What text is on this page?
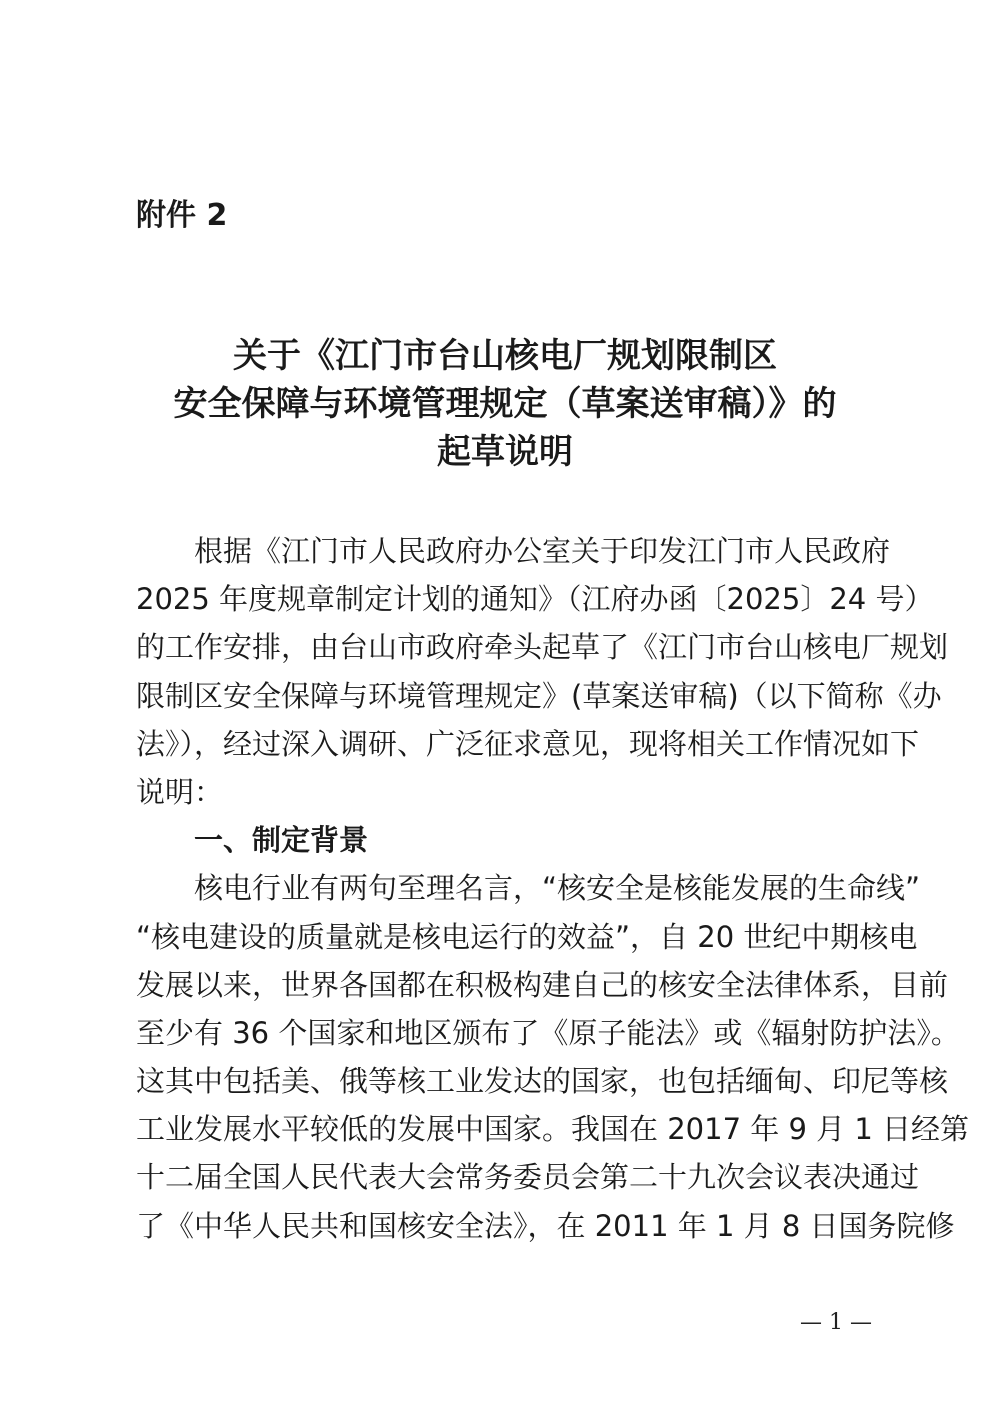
附件 2

关于《江门市台山核电厂规划限制区
安全保障与环境管理规定（草案送审稿）》的
起草说明
根据《江门市人民政府办公室关于印发江门市人民政府
2025 年度规章制定计划的通知》（江府办函〔2025〕24 号）
的工作安排，由台山市政府牵头起草了《江门市台山核电厂规划
限制区安全保障与环境管理规定》(草案送审稿)（以下简称《办
法》），经过深入调研、广泛征求意见，现将相关工作情况如下
说明：
一、制定背景
核电行业有两句至理名言，“核安全是核能发展的生命线”
“核电建设的质量就是核电运行的效益”，自 20 世纪中期核电
发展以来，世界各国都在积极构建自己的核安全法律体系，目前
至少有 36 个国家和地区颁布了《原子能法》或《辐射防护法》。
这其中包括美、俄等核工业发达的国家，也包括缅甸、印尼等核
工业发展水平较低的发展中国家。我国在 2017 年 9 月 1 日经第
十二届全国人民代表大会常务委员会第二十九次会议表决通过
了《中华人民共和国核安全法》，在 2011 年 1 月 8 日国务院修
— 1 —
